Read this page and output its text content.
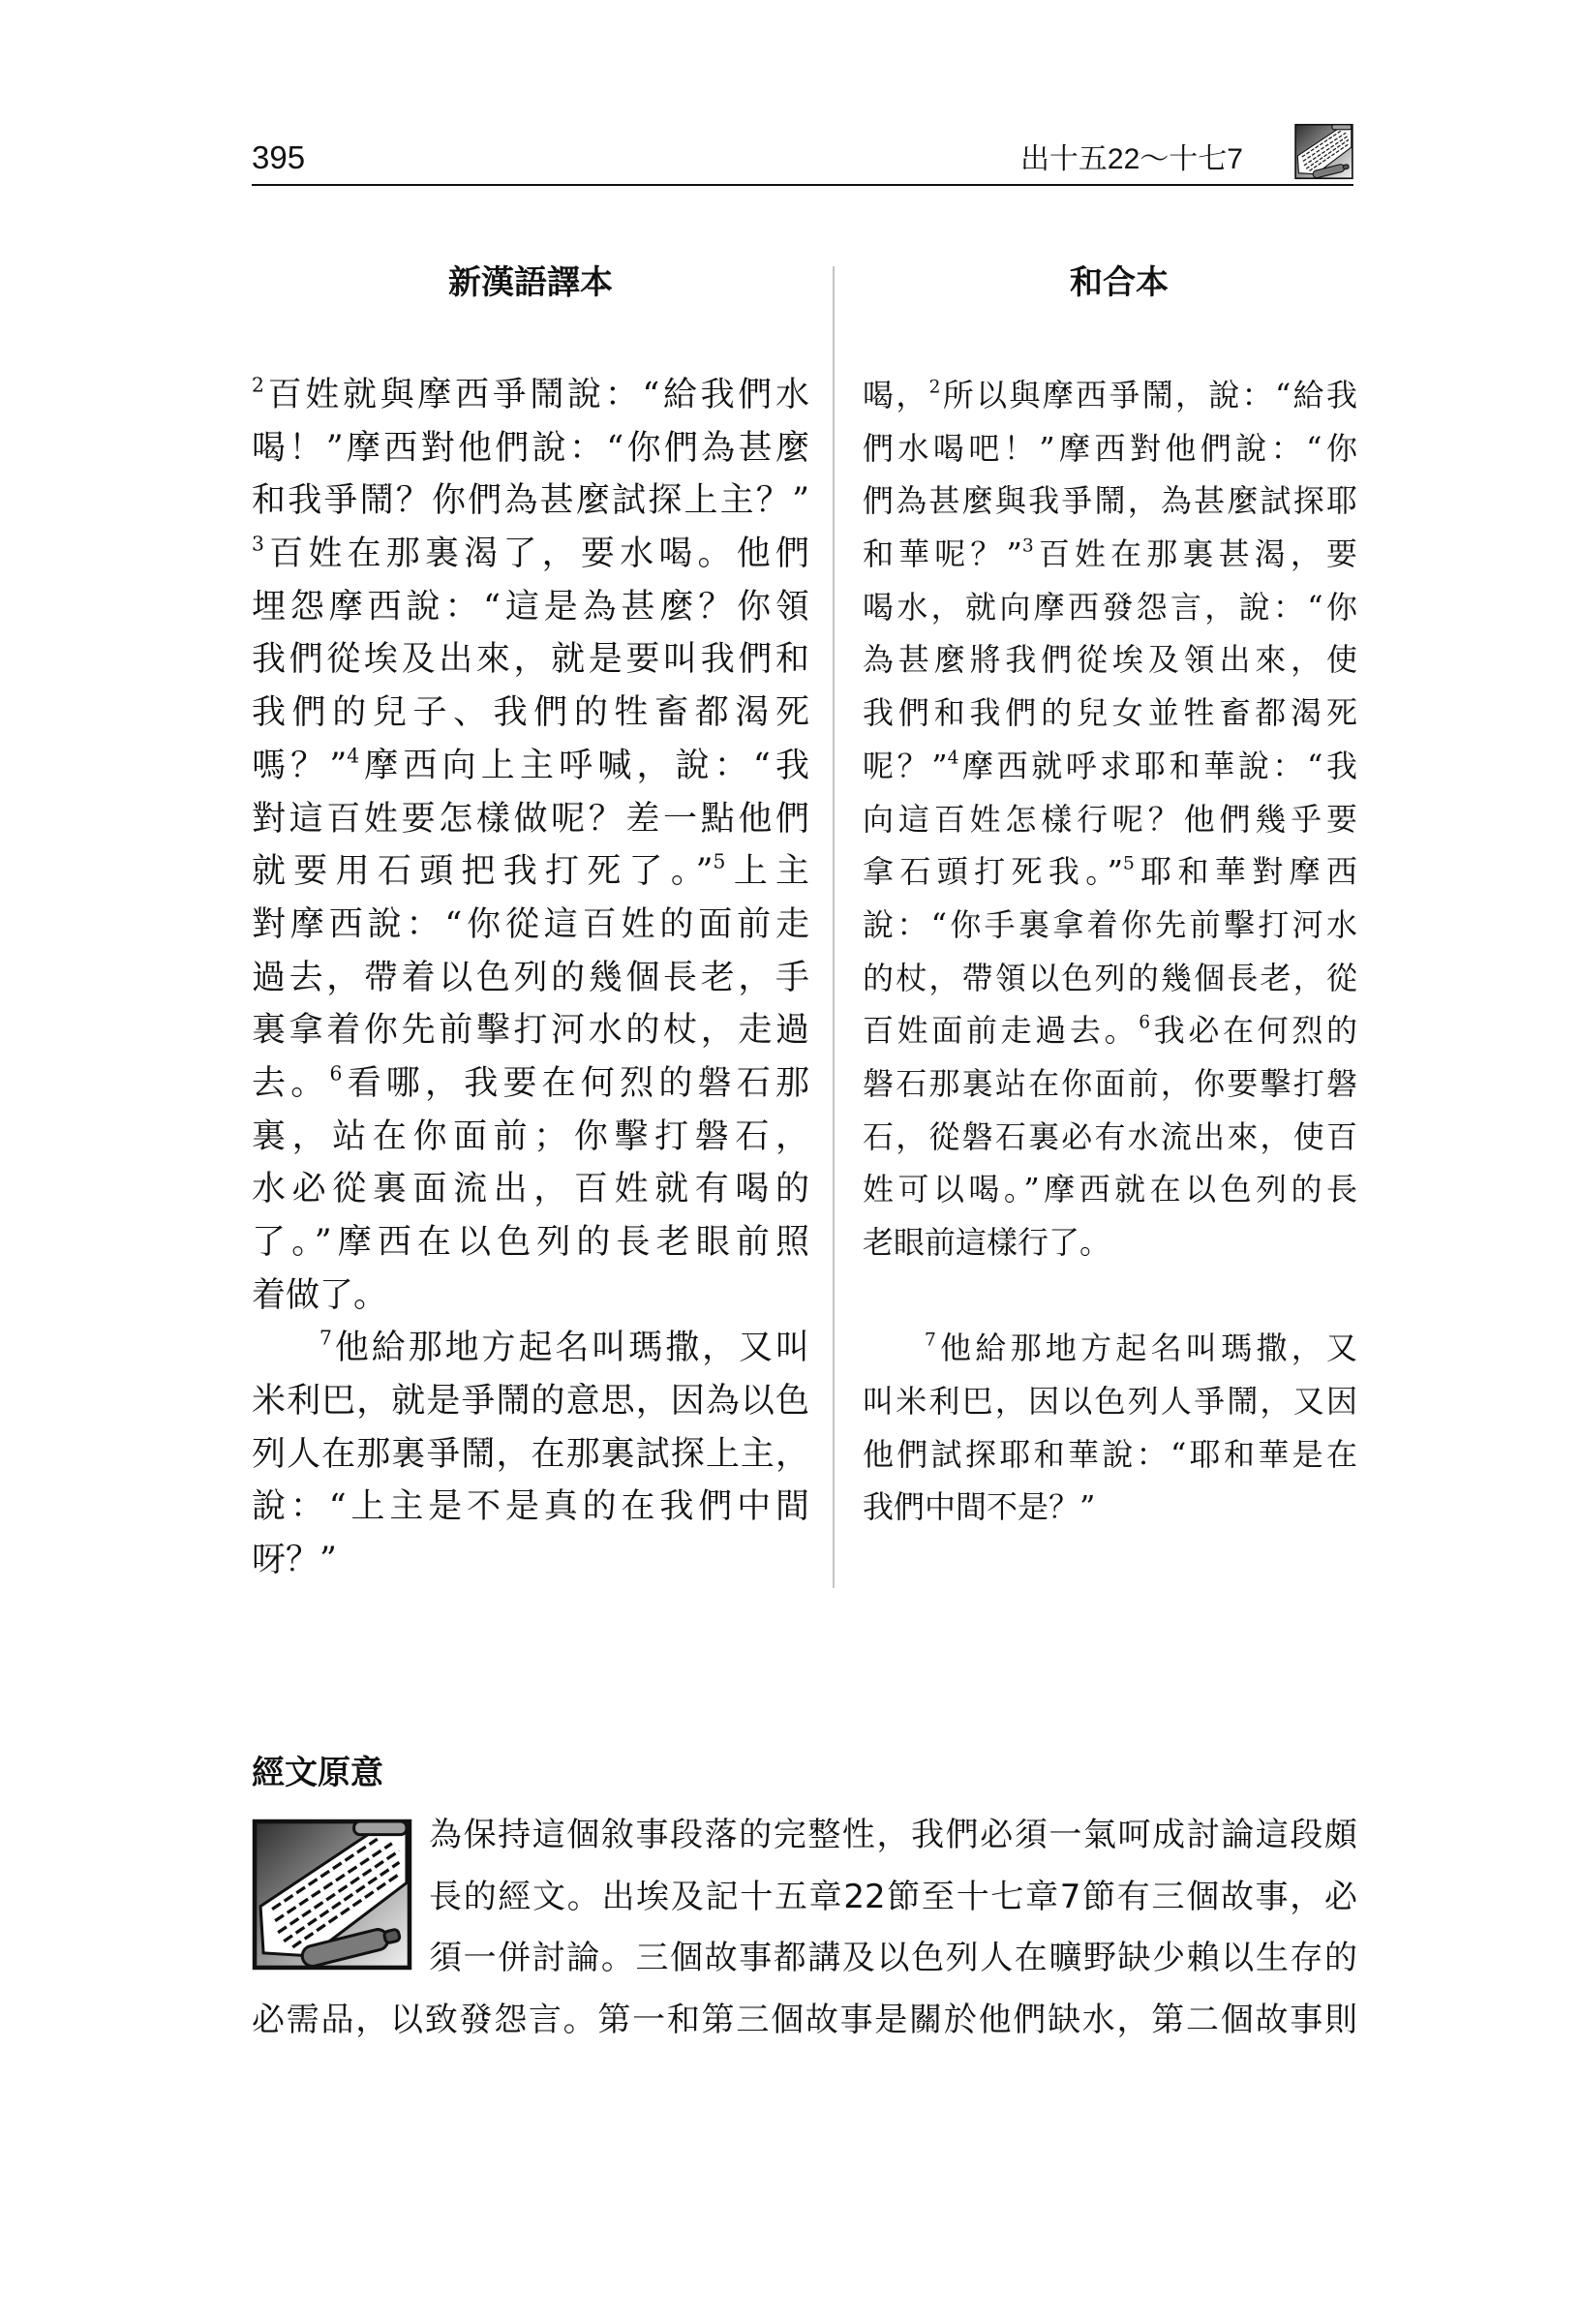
395	出十五22～十七7
新漢語譯本	和合本
$^2$百姓就與摩西爭鬧說：“給我們水
喝！”摩西對他們說：“你們為甚麼
和我爭鬧？你們為甚麼試探上主？”
$^3$百姓在那裏渴了，要水喝。他們
埋怨摩西說：“這是為甚麼？你領
我們從埃及出來，就是要叫我們和
我們的兒子、我們的牲畜都渴死
嗎？”$^4$摩西向上主呼喊，說：“我
對這百姓要怎樣做呢？差一點他們
就要用石頭把我打死了。”$^5$上主
對摩西說：“你從這百姓的面前走
過去，帶着以色列的幾個長老，手
裏拿着你先前擊打河水的杖，走過
去。$^6$看哪，我要在何烈的磐石那
裏，站在你面前；你擊打磐石，
水必從裏面流出，百姓就有喝的
了。”摩西在以色列的長老眼前照
着做了。
$^7$他給那地方起名叫瑪撒，又叫
米利巴，就是爭鬧的意思，因為以色
列人在那裏爭鬧，在那裏試探上主，
說：“上主是不是真的在我們中間
呀？”
喝，$^2$所以與摩西爭鬧，說：“給我
們水喝吧！”摩西對他們說：“你
們為甚麼與我爭鬧，為甚麼試探耶
和華呢？”$^3$百姓在那裏甚渴，要
喝水，就向摩西發怨言，說：“你
為甚麼將我們從埃及領出來，使
我們和我們的兒女並牲畜都渴死
呢？”$^4$摩西就呼求耶和華說：“我
向這百姓怎樣行呢？他們幾乎要
拿石頭打死我。”$^5$耶和華對摩西
說：“你手裏拿着你先前擊打河水
的杖，帶領以色列的幾個長老，從
百姓面前走過去。$^6$我必在何烈的
磐石那裏站在你面前，你要擊打磐
石，從磐石裏必有水流出來，使百
姓可以喝。”摩西就在以色列的長
老眼前這樣行了。
$^7$他給那地方起名叫瑪撒，又
叫米利巴，因以色列人爭鬧，又因
他們試探耶和華說：“耶和華是在
我們中間不是？”
經文原意
為保持這個敘事段落的完整性，我們必須一氣呵成討論這段頗
長的經文。出埃及記十五章22節至十七章7節有三個故事，必
須一併討論。三個故事都講及以色列人在曠野缺少賴以生存的
必需品，以致發怨言。第一和第三個故事是關於他們缺水，第二個故事則
